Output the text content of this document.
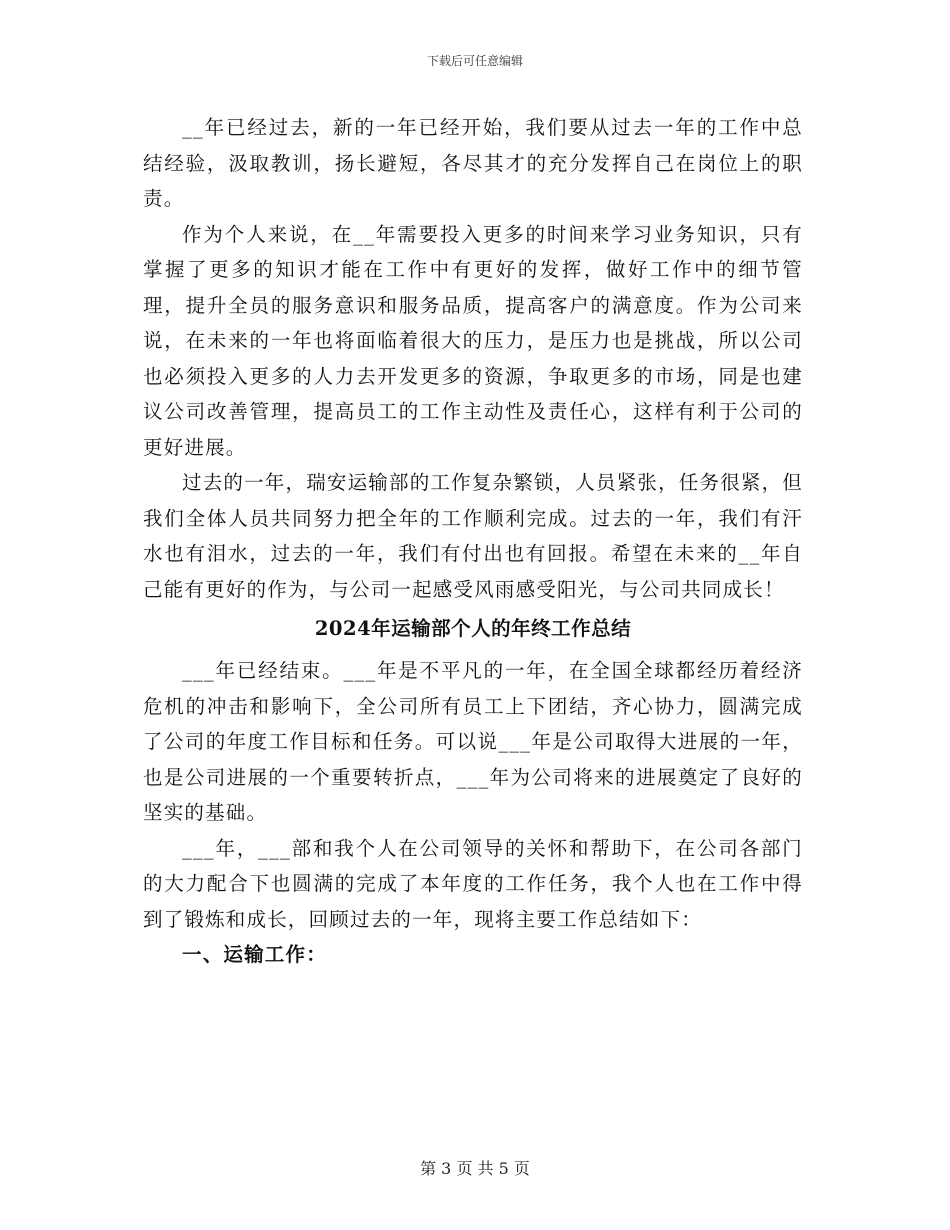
下载后可任意编辑

__年已经过去，新的一年已经开始，我们要从过去一年的工作中总结经验，汲取教训，扬长避短，各尽其才的充分发挥自己在岗位上的职责。

作为个人来说，在__年需要投入更多的时间来学习业务知识，只有掌握了更多的知识才能在工作中有更好的发挥，做好工作中的细节管理，提升全员的服务意识和服务品质，提高客户的满意度。作为公司来说，在未来的一年也将面临着很大的压力，是压力也是挑战，所以公司也必须投入更多的人力去开发更多的资源，争取更多的市场，同是也建议公司改善管理，提高员工的工作主动性及责任心，这样有利于公司的更好进展。

过去的一年，瑞安运输部的工作复杂繁锁，人员紧张，任务很紧，但我们全体人员共同努力把全年的工作顺利完成。过去的一年，我们有汗水也有泪水，过去的一年，我们有付出也有回报。希望在未来的__年自己能有更好的作为，与公司一起感受风雨感受阳光，与公司共同成长！

2024年运输部个人的年终工作总结

___年已经结束。___年是不平凡的一年，在全国全球都经历着经济危机的冲击和影响下，全公司所有员工上下团结，齐心协力，圆满完成了公司的年度工作目标和任务。可以说___年是公司取得大进展的一年，也是公司进展的一个重要转折点，___年为公司将来的进展奠定了良好的坚实的基础。

___年，___部和我个人在公司领导的关怀和帮助下，在公司各部门的大力配合下也圆满的完成了本年度的工作任务，我个人也在工作中得到了锻炼和成长，回顾过去的一年，现将主要工作总结如下：

一、运输工作：

第 3 页 共 5 页
